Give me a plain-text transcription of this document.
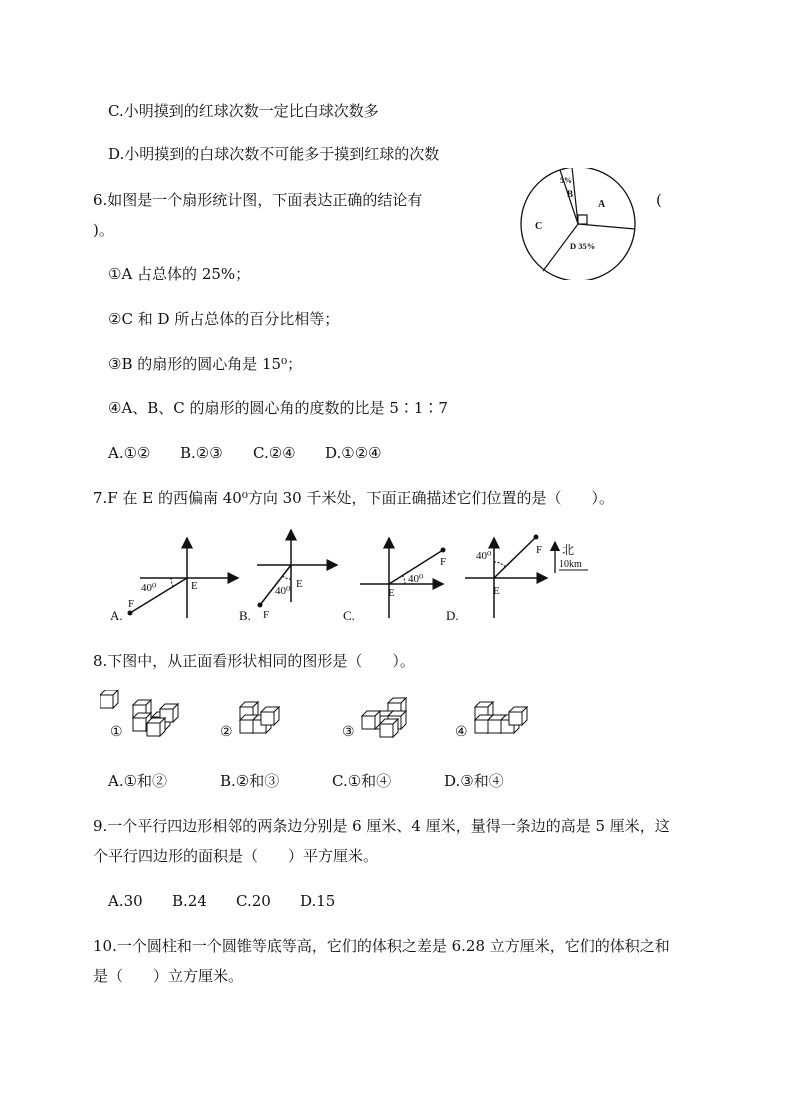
C.小明摸到的红球次数一定比白球次数多
D.小明摸到的白球次数不可能多于摸到红球的次数
6.如图是一个扇形统计图，下面表达正确的结论有	(
)。
5%
B
A
C
D 35%
①A 占总体的 25%；
②C 和 D 所占总体的百分比相等；
③B 的扇形的圆心角是 15⁰；
④A、B、C 的扇形的圆心角的度数的比是 5∶1∶7
A.①② B.②③ C.②④ D.①②④
7.F 在 E 的西偏南 40⁰方向 30 千米处，下面正确描述它们位置的是（　　）。
40⁰	E
F
A.
40⁰
E
F
B.
40⁰
E
F
C.
40⁰
E
F 北
10km
D.
8.下图中，从正面看形状相同的图形是（　　）。
①	②	③	④
A.①和②	B.②和③	C.①和④	D.③和④
9.一个平行四边形相邻的两条边分别是 6 厘米、4 厘米，量得一条边的高是 5 厘米，这
个平行四边形的面积是（　　）平方厘米。
A.30 B.24 C.20 D.15
10.一个圆柱和一个圆锥等底等高，它们的体积之差是 6.28 立方厘米，它们的体积之和
是（　　）立方厘米。
